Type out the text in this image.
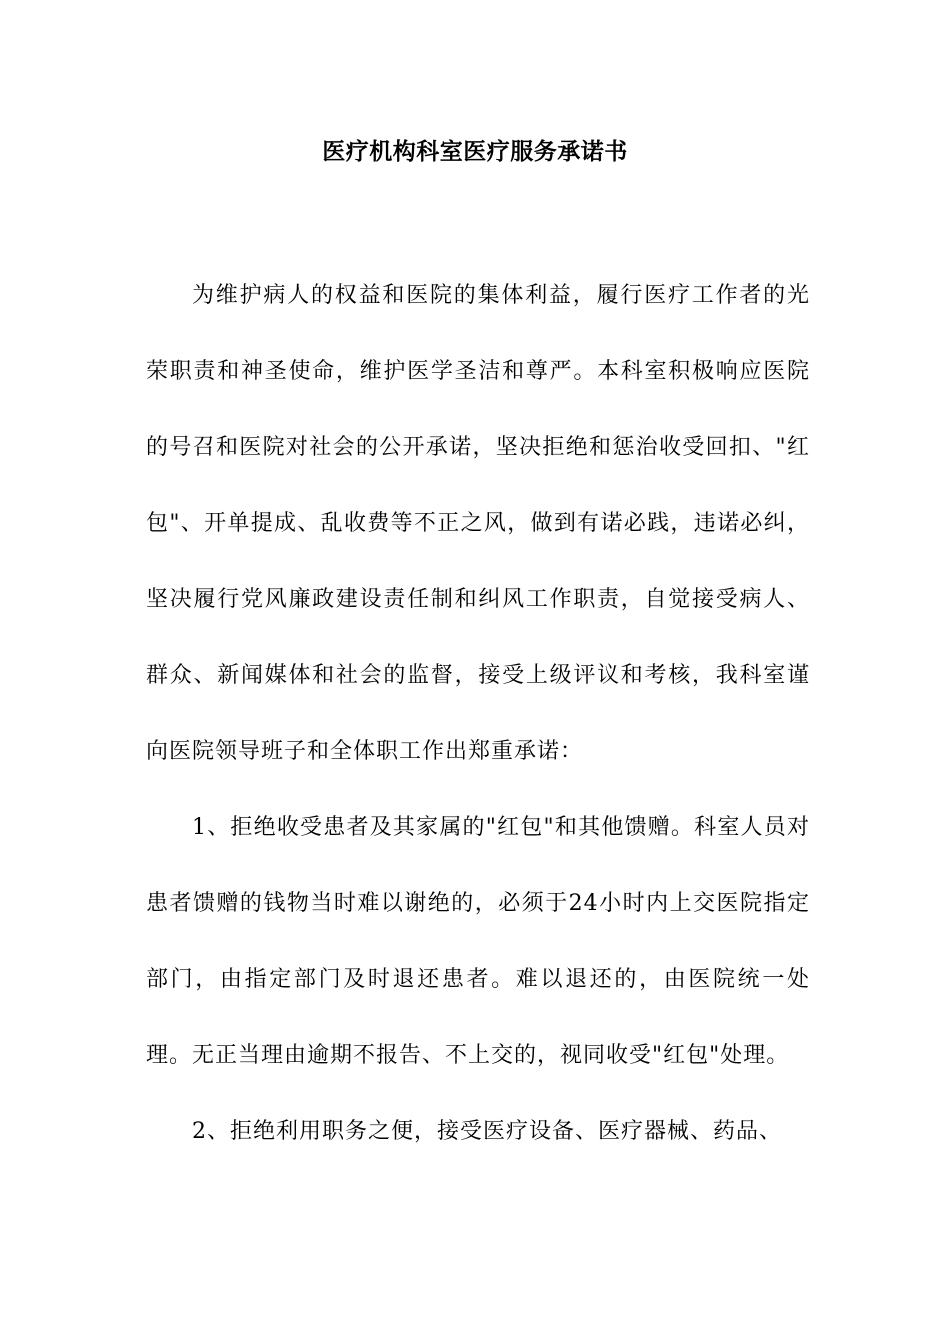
医疗机构科室医疗服务承诺书

为维护病人的权益和医院的集体利益，履行医疗工作者的光荣职责和神圣使命，维护医学圣洁和尊严。本科室积极响应医院的号召和医院对社会的公开承诺，坚决拒绝和惩治收受回扣、"红包"、开单提成、乱收费等不正之风，做到有诺必践，违诺必纠，坚决履行党风廉政建设责任制和纠风工作职责，自觉接受病人、群众、新闻媒体和社会的监督，接受上级评议和考核，我科室谨向医院领导班子和全体职工作出郑重承诺：

1、拒绝收受患者及其家属的"红包"和其他馈赠。科室人员对患者馈赠的钱物当时难以谢绝的，必须于24小时内上交医院指定部门，由指定部门及时退还患者。难以退还的，由医院统一处理。无正当理由逾期不报告、不上交的，视同收受"红包"处理。

2、拒绝利用职务之便，接受医疗设备、医疗器械、药品、
